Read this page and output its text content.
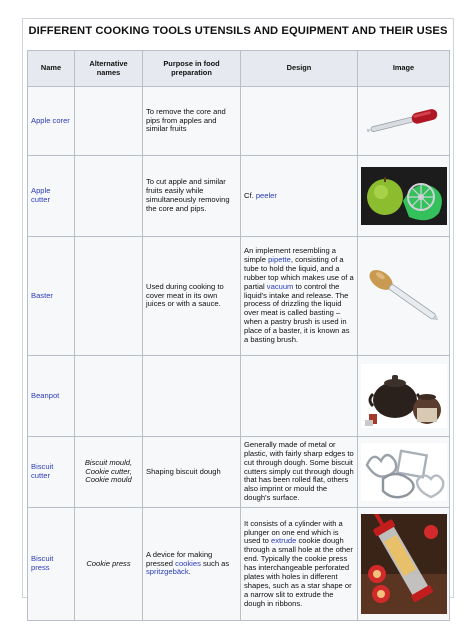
DIFFERENT COOKING TOOLS UTENSILS AND EQUIPMENT AND THEIR USES
Name	Alternative names	Purpose in food preparation	Design	Image
Apple corer		To remove the core and pips from apples and similar fruits		

Apple cutter		To cut apple and similar fruits easily while simultaneously removing the core and pips.	Cf. peeler	

Baster		Used during cooking to cover meat in its own juices or with a sauce.	An implement resembling a simple pipette, consisting of a tube to hold the liquid, and a rubber top which makes use of a partial vacuum to control the liquid's intake and release. The process of drizzling the liquid over meat is called basting – when a pastry brush is used in place of a baster, it is known as a basting brush.	

Beanpot				

Biscuit cutter	Biscuit mould, Cookie cutter, Cookie mould	Shaping biscuit dough	Generally made of metal or plastic, with fairly sharp edges to cut through dough. Some biscuit cutters simply cut through dough that has been rolled flat, others also imprint or mould the dough's surface.	

Biscuit press	Cookie press	A device for making pressed cookies such as spritzgebäck.	It consists of a cylinder with a plunger on one end which is used to extrude cookie dough through a small hole at the other end. Typically the cookie press has interchangeable perforated plates with holes in different shapes, such as a star shape or a narrow slit to extrude the dough in ribbons.	
